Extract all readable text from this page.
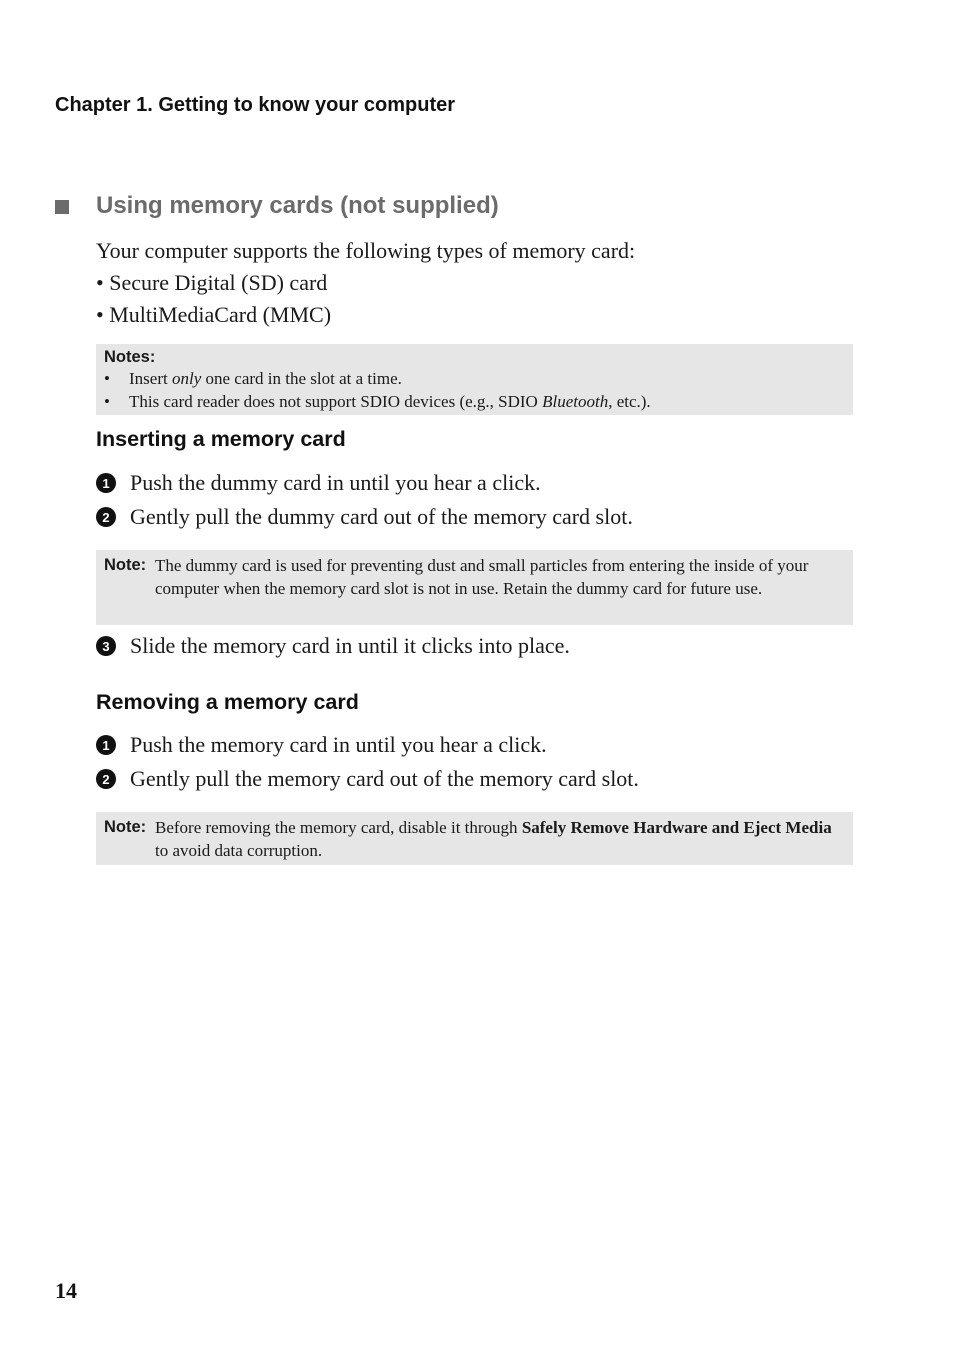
Chapter 1. Getting to know your computer
Using memory cards (not supplied)
Your computer supports the following types of memory card:
• Secure Digital (SD) card
• MultiMediaCard (MMC)
Notes:
•	Insert only one card in the slot at a time.
•	This card reader does not support SDIO devices (e.g., SDIO Bluetooth, etc.).
Inserting a memory card
1 Push the dummy card in until you hear a click.
2 Gently pull the dummy card out of the memory card slot.
Note: The dummy card is used for preventing dust and small particles from entering the inside of your computer when the memory card slot is not in use. Retain the dummy card for future use.
3 Slide the memory card in until it clicks into place.
Removing a memory card
1 Push the memory card in until you hear a click.
2 Gently pull the memory card out of the memory card slot.
Note: Before removing the memory card, disable it through Safely Remove Hardware and Eject Media to avoid data corruption.
14
